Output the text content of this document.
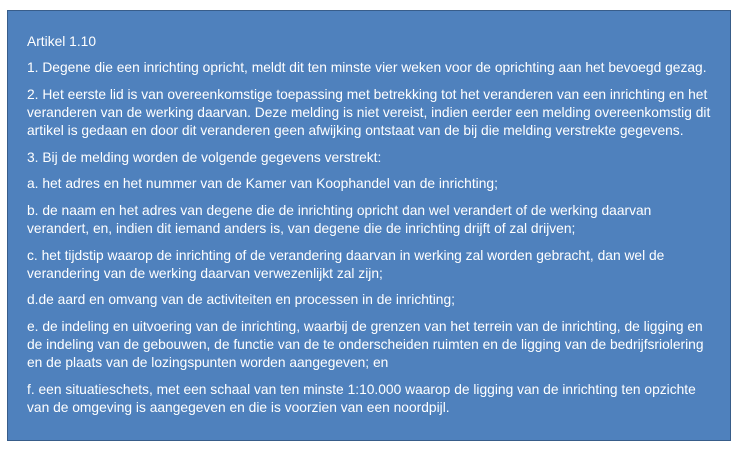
Artikel 1.10
1. Degene die een inrichting opricht, meldt dit ten minste vier weken voor de oprichting aan het bevoegd gezag.
2. Het eerste lid is van overeenkomstige toepassing met betrekking tot het veranderen van een inrichting en het
veranderen van de werking daarvan. Deze melding is niet vereist, indien eerder een melding overeenkomstig dit
artikel is gedaan en door dit veranderen geen afwijking ontstaat van de bij die melding verstrekte gegevens.
3. Bij de melding worden de volgende gegevens verstrekt:
a. het adres en het nummer van de Kamer van Koophandel van de inrichting;
b. de naam en het adres van degene die de inrichting opricht dan wel verandert of de werking daarvan
verandert, en, indien dit iemand anders is, van degene die de inrichting drijft of zal drijven;
c. het tijdstip waarop de inrichting of de verandering daarvan in werking zal worden gebracht, dan wel de
verandering van de werking daarvan verwezenlijkt zal zijn;
d.de aard en omvang van de activiteiten en processen in de inrichting;
e. de indeling en uitvoering van de inrichting, waarbij de grenzen van het terrein van de inrichting, de ligging en
de indeling van de gebouwen, de functie van de te onderscheiden ruimten en de ligging van de bedrijfsriolering
en de plaats van de lozingspunten worden aangegeven; en
f. een situatieschets, met een schaal van ten minste 1:10.000 waarop de ligging van de inrichting ten opzichte
van de omgeving is aangegeven en die is voorzien van een noordpijl.
